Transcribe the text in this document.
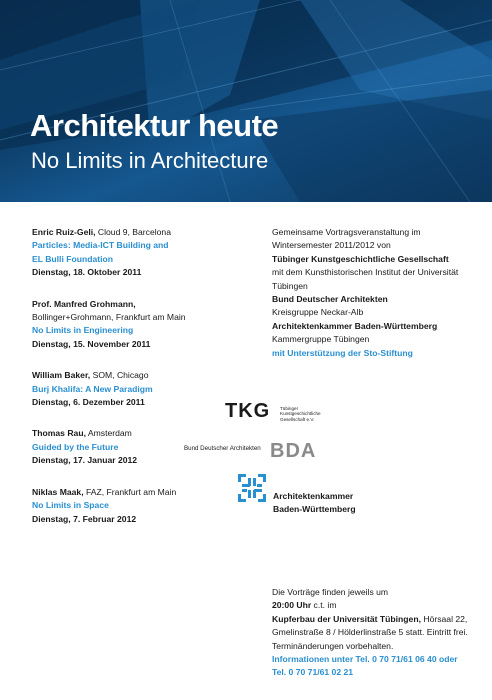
Architektur heute
No Limits in Architecture
Enric Ruiz-Geli, Cloud 9, Barcelona
Particles: Media-ICT Building and
EL Bulli Foundation
Dienstag, 18. Oktober 2011
Prof. Manfred Grohmann,
Bollinger+Grohmann, Frankfurt am Main
No Limits in Engineering
Dienstag, 15. November 2011
William Baker, SOM, Chicago
Burj Khalifa: A New Paradigm
Dienstag, 6. Dezember 2011
Thomas Rau, Amsterdam
Guided by the Future
Dienstag, 17. Januar 2012
Niklas Maak, FAZ, Frankfurt am Main
No Limits in Space
Dienstag, 7. Februar 2012
Gemeinsame Vortragsveranstaltung im
Wintersemester 2011/2012 von
Tübinger Kunstgeschichtliche Gesellschaft
mit dem Kunsthistorischen Institut der Universität
Tübingen
Bund Deutscher Architekten
Kreisgruppe Neckar-Alb
Architektenkammer Baden-Württemberg
Kammergruppe Tübingen
mit Unterstützung der Sto-Stiftung
TKG Tübinger
Kunstgeschichtliche
Gesellschaft e.V.
Bund Deutscher Architekten BDA
Architektenkammer
Baden-Württemberg
Die Vorträge finden jeweils um
20:00 Uhr c.t. im
Kupferbau der Universität Tübingen, Hörsaal 22,
Gmelinstraße 8 / Hölderlinstraße 5 statt. Eintritt frei.
Terminänderungen vorbehalten.
Informationen unter Tel. 0 70 71/61 06 40 oder
Tel. 0 70 71/61 02 21
